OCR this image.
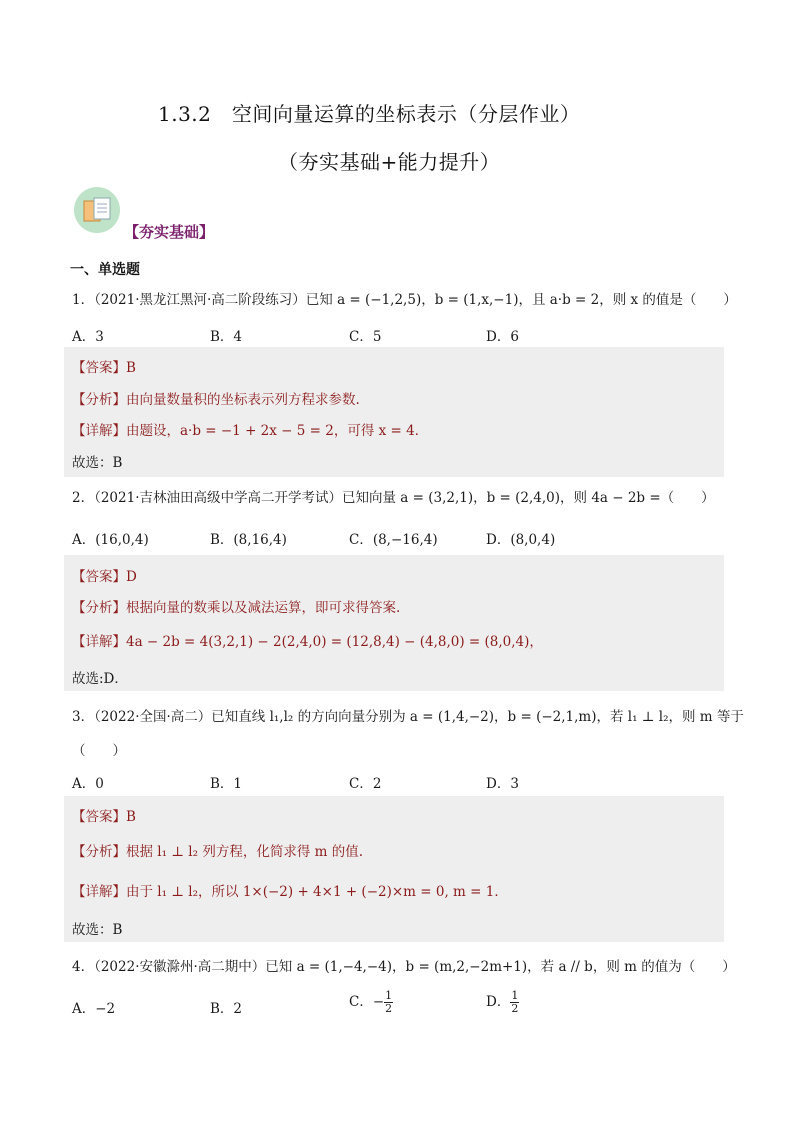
1.3.2　空间向量运算的坐标表示（分层作业）
（夯实基础+能力提升）
【夯实基础】
一、单选题
1．（2021·黑龙江黑河·高二阶段练习）已知 a = (−1,2,5)，b = (1,x,−1)，且 a·b = 2，则 x 的值是（　　）
A．3	B．4	C．5	D．6
【答案】B
【分析】由向量数量积的坐标表示列方程求参数.
【详解】由题设，a·b = −1 + 2x − 5 = 2，可得 x = 4．
故选：B
2．（2021·吉林油田高级中学高二开学考试）已知向量 a = (3,2,1)，b = (2,4,0)，则 4a − 2b =（　　）
A．(16,0,4)	B．(8,16,4)	C．(8,−16,4)	D．(8,0,4)
【答案】D
【分析】根据向量的数乘以及减法运算，即可求得答案.
【详解】4a − 2b = 4(3,2,1) − 2(2,4,0) = (12,8,4) − (4,8,0) = (8,0,4)，
故选:D．
3．（2022·全国·高二）已知直线 l₁,l₂ 的方向向量分别为 a = (1,4,−2)，b = (−2,1,m)，若 l₁ ⊥ l₂，则 m 等于
（　　）
A．0	B．1	C．2	D．3
【答案】B
【分析】根据 l₁ ⊥ l₂ 列方程，化简求得 m 的值.
【详解】由于 l₁ ⊥ l₂，所以 1×(−2) + 4×1 + (−2)×m = 0, m = 1．
故选：B
4．（2022·安徽滁州·高二期中）已知 a = (1,−4,−4)，b = (m,2,−2m+1)，若 a // b，则 m 的值为（　　）
A．−2	B．2	C．− $\frac{1}{2}$	D． $\frac{1}{2}$
